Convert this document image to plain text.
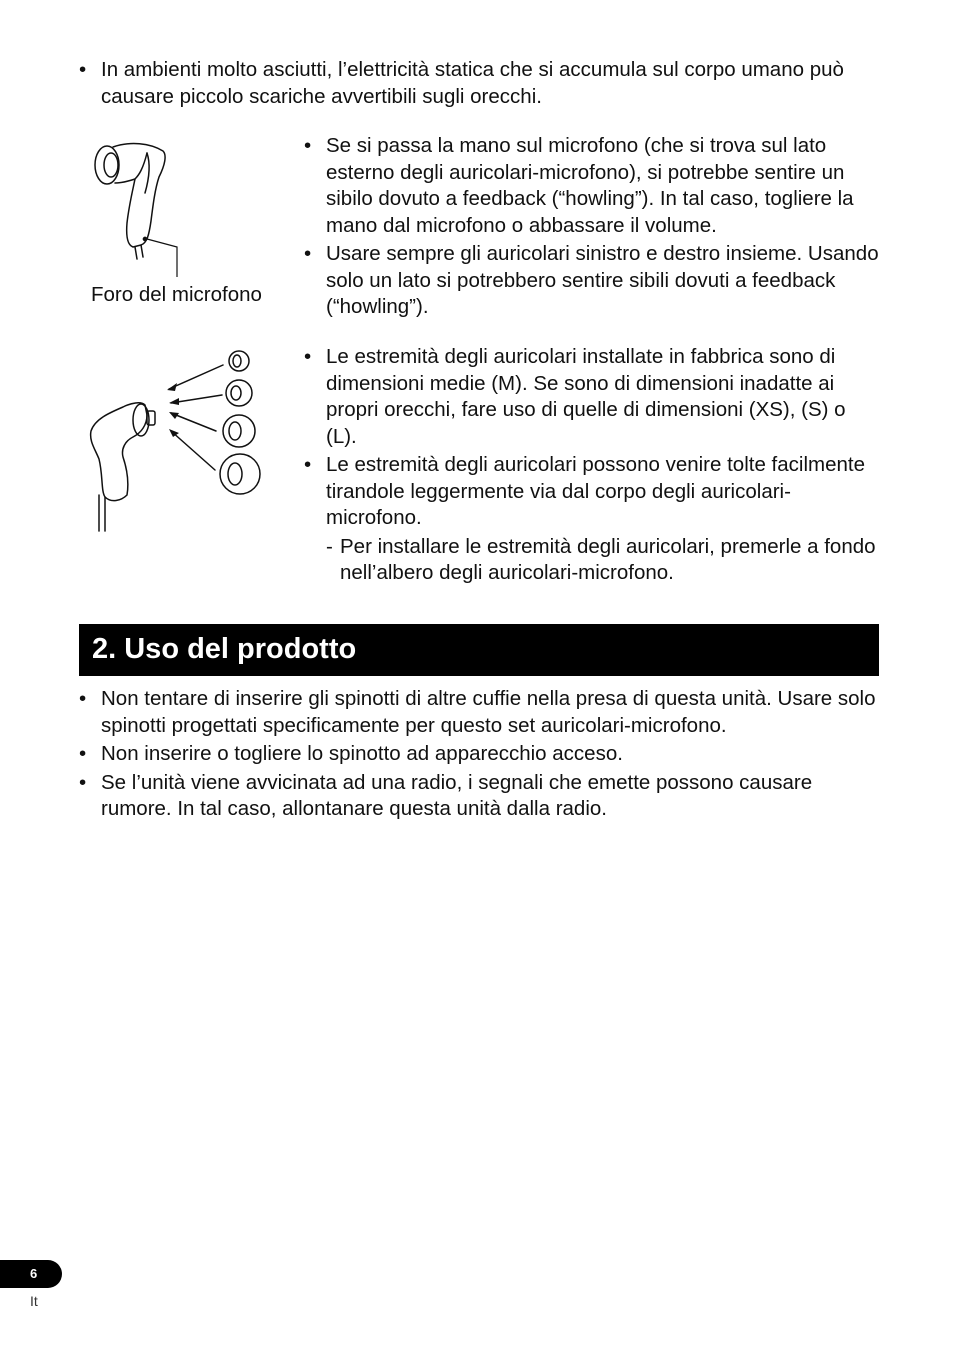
• In ambienti molto asciutti, l’elettricità statica che si accumula sul corpo umano può causare piccolo scariche avvertibili sugli orecchi.
Foro del microfono
• Se si passa la mano sul microfono (che si trova sul lato esterno degli auricolari-microfono), si potrebbe sentire un sibilo dovuto a feedback (“howling”). In tal caso, togliere la mano dal microfono o abbassare il volume.
• Usare sempre gli auricolari sinistro e destro insieme. Usando solo un lato si potrebbero sentire sibili dovuti a feedback (“howling”).
• Le estremità degli auricolari installate in fabbrica sono di dimensioni medie (M). Se sono di dimensioni inadatte ai propri orecchi, fare uso di quelle di dimensioni (XS), (S) o (L).
• Le estremità degli auricolari possono venire tolte facilmente tirandole leggermente via dal corpo degli auricolari-microfono.
- Per installare le estremità degli auricolari, premerle a fondo nell’albero degli auricolari-microfono.
2. Uso del prodotto
• Non tentare di inserire gli spinotti di altre cuffie nella presa di questa unità. Usare solo spinotti progettati specificamente per questo set auricolari-microfono.
• Non inserire o togliere lo spinotto ad apparecchio acceso.
• Se l’unità viene avvicinata ad una radio, i segnali che emette possono causare rumore. In tal caso, allontanare questa unità dalla radio.
6
It
